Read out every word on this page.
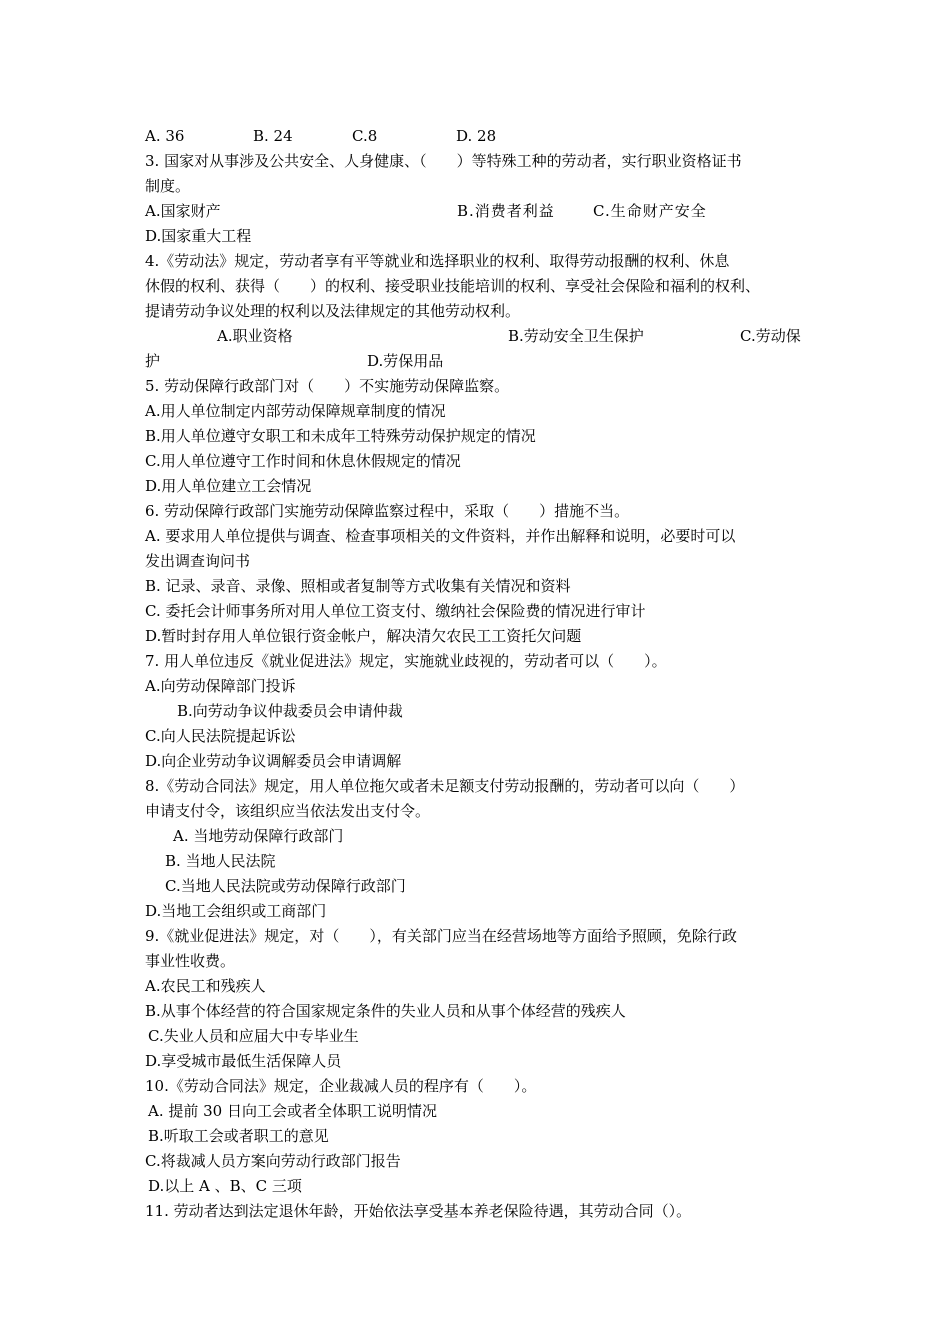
A. 36	B. 24	C.8	D. 28
3. 国家对从事涉及公共安全、人身健康、（　　）等特殊工种的劳动者，实行职业资格证书
制度。
A.国家财产	B.消费者利益	C.生命财产安全
D.国家重大工程
4.《劳动法》规定，劳动者享有平等就业和选择职业的权利、取得劳动报酬的权利、休息
休假的权利、获得（　　）的权利、接受职业技能培训的权利、享受社会保险和福利的权利、
提请劳动争议处理的权利以及法律规定的其他劳动权利。
A.职业资格	B.劳动安全卫生保护	C.劳动保
护	D.劳保用品
5. 劳动保障行政部门对（　　）不实施劳动保障监察。
A.用人单位制定内部劳动保障规章制度的情况
B.用人单位遵守女职工和未成年工特殊劳动保护规定的情况
C.用人单位遵守工作时间和休息休假规定的情况
D.用人单位建立工会情况
6. 劳动保障行政部门实施劳动保障监察过程中，采取（　　）措施不当。
A. 要求用人单位提供与调查、检查事项相关的文件资料，并作出解释和说明，必要时可以
发出调查询问书
B. 记录、录音、录像、照相或者复制等方式收集有关情况和资料
C. 委托会计师事务所对用人单位工资支付、缴纳社会保险费的情况进行审计
D.暂时封存用人单位银行资金帐户，解决清欠农民工工资托欠问题
7. 用人单位违反《就业促进法》规定，实施就业歧视的，劳动者可以（　　）。
A.向劳动保障部门投诉
B.向劳动争议仲裁委员会申请仲裁
C.向人民法院提起诉讼
D.向企业劳动争议调解委员会申请调解
8.《劳动合同法》规定，用人单位拖欠或者未足额支付劳动报酬的，劳动者可以向（　　）
申请支付令，该组织应当依法发出支付令。
A. 当地劳动保障行政部门
B. 当地人民法院
C.当地人民法院或劳动保障行政部门
D.当地工会组织或工商部门
9.《就业促进法》规定，对（　　），有关部门应当在经营场地等方面给予照顾，免除行政
事业性收费。
A.农民工和残疾人
B.从事个体经营的符合国家规定条件的失业人员和从事个体经营的残疾人
C.失业人员和应届大中专毕业生
D.享受城市最低生活保障人员
10.《劳动合同法》规定，企业裁减人员的程序有（　　）。
A. 提前 30 日向工会或者全体职工说明情况
B.听取工会或者职工的意见
C.将裁减人员方案向劳动行政部门报告
D.以上 A 、B、C 三项
11. 劳动者达到法定退休年龄，开始依法享受基本养老保险待遇，其劳动合同（）。
